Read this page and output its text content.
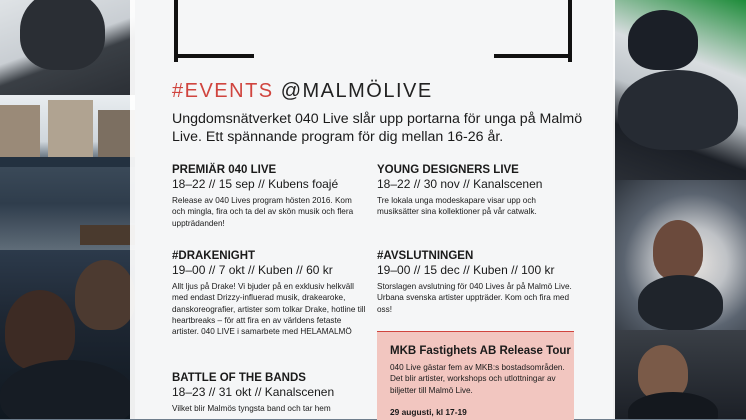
#EVENTS @MALMÖLIVE
Ungdomsnätverket 040 Live slår upp portarna för unga på Malmö Live. Ett spännande program för dig mellan 16-26 år.
PREMIÄR 040 LIVE
18–22 // 15 sep // Kubens foajé
Release av 040 Lives program hösten 2016. Kom och mingla, fira och ta del av skön musik och flera uppträdanden!
#DRAKENIGHT
19–00 // 7 okt // Kuben // 60 kr
Allt ljus på Drake! Vi bjuder på en exklusiv helkväll med endast Drizzy-influerad musik, drakearoke, danskoreografier, artister som tolkar Drake, hotline till heartbreaks – för att fira en av världens fetaste artister. 040 LIVE i samarbete med HELAMALMÖ
BATTLE OF THE BANDS
18–23 // 31 okt // Kanalscenen
Vilket blir Malmös tyngsta band och tar hem
YOUNG DESIGNERS LIVE
18–22 // 30 nov // Kanalscenen
Tre lokala unga modeskapare visar upp och musiksätter sina kollektioner på vår catwalk.
#AVSLUTNINGEN
19–00 // 15 dec // Kuben // 100 kr
Storslagen avslutning för 040 Lives år på Malmö Live. Urbana svenska artister uppträder. Kom och fira med oss!
MKB Fastighets AB Release Tour
040 Live gästar fem av MKB:s bostadsområden. Det blir artister, workshops och utlottningar av biljetter till Malmö Live.
29 augusti, kl 17-19
